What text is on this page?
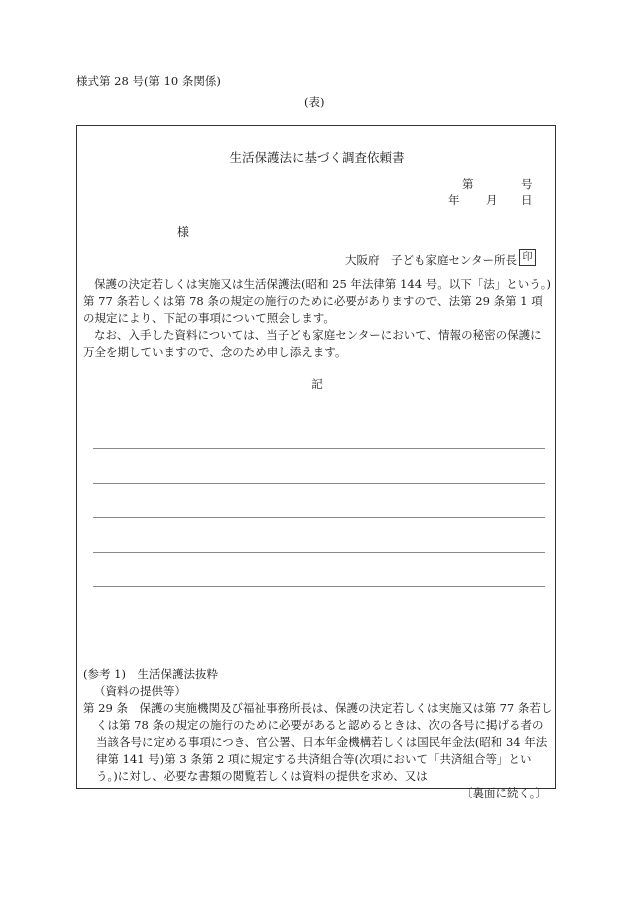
様式第 28 号(第 10 条関係)
(表)
生活保護法に基づく調査依頼書
第	号
年 月 日
様
大阪府　子ども家庭センター所長 印

保護の決定若しくは実施又は生活保護法(昭和 25 年法律第 144 号。以下「法」という。)第 77 条若しくは第 78 条の規定の施行のために必要がありますので、法第 29 条第 1 項の規定により、下記の事項について照会します。

なお、入手した資料については、当子ども家庭センターにおいて、情報の秘密の保護に万全を期していますので、念のため申し添えます。

記
(参考 1)　生活保護法抜粋
（資料の提供等）
第 29 条　 保護の実施機関及び福祉事務所長は、保護の決定若しくは実施又は第 77 条若し
くは第 78 条の規定の施行のために必要があると認めるときは、次の各号に掲げる者の当該各号に定める事項につき、官公署、日本年金機構若しくは国民年金法(昭和 34 年法律第 141 号)第 3 条第 2 項に規定する共済組合等(次項において「共済組合等」という。)に対し、必要な書類の閲覧若しくは資料の提供を求め、又は
〔裏面に続く。〕
